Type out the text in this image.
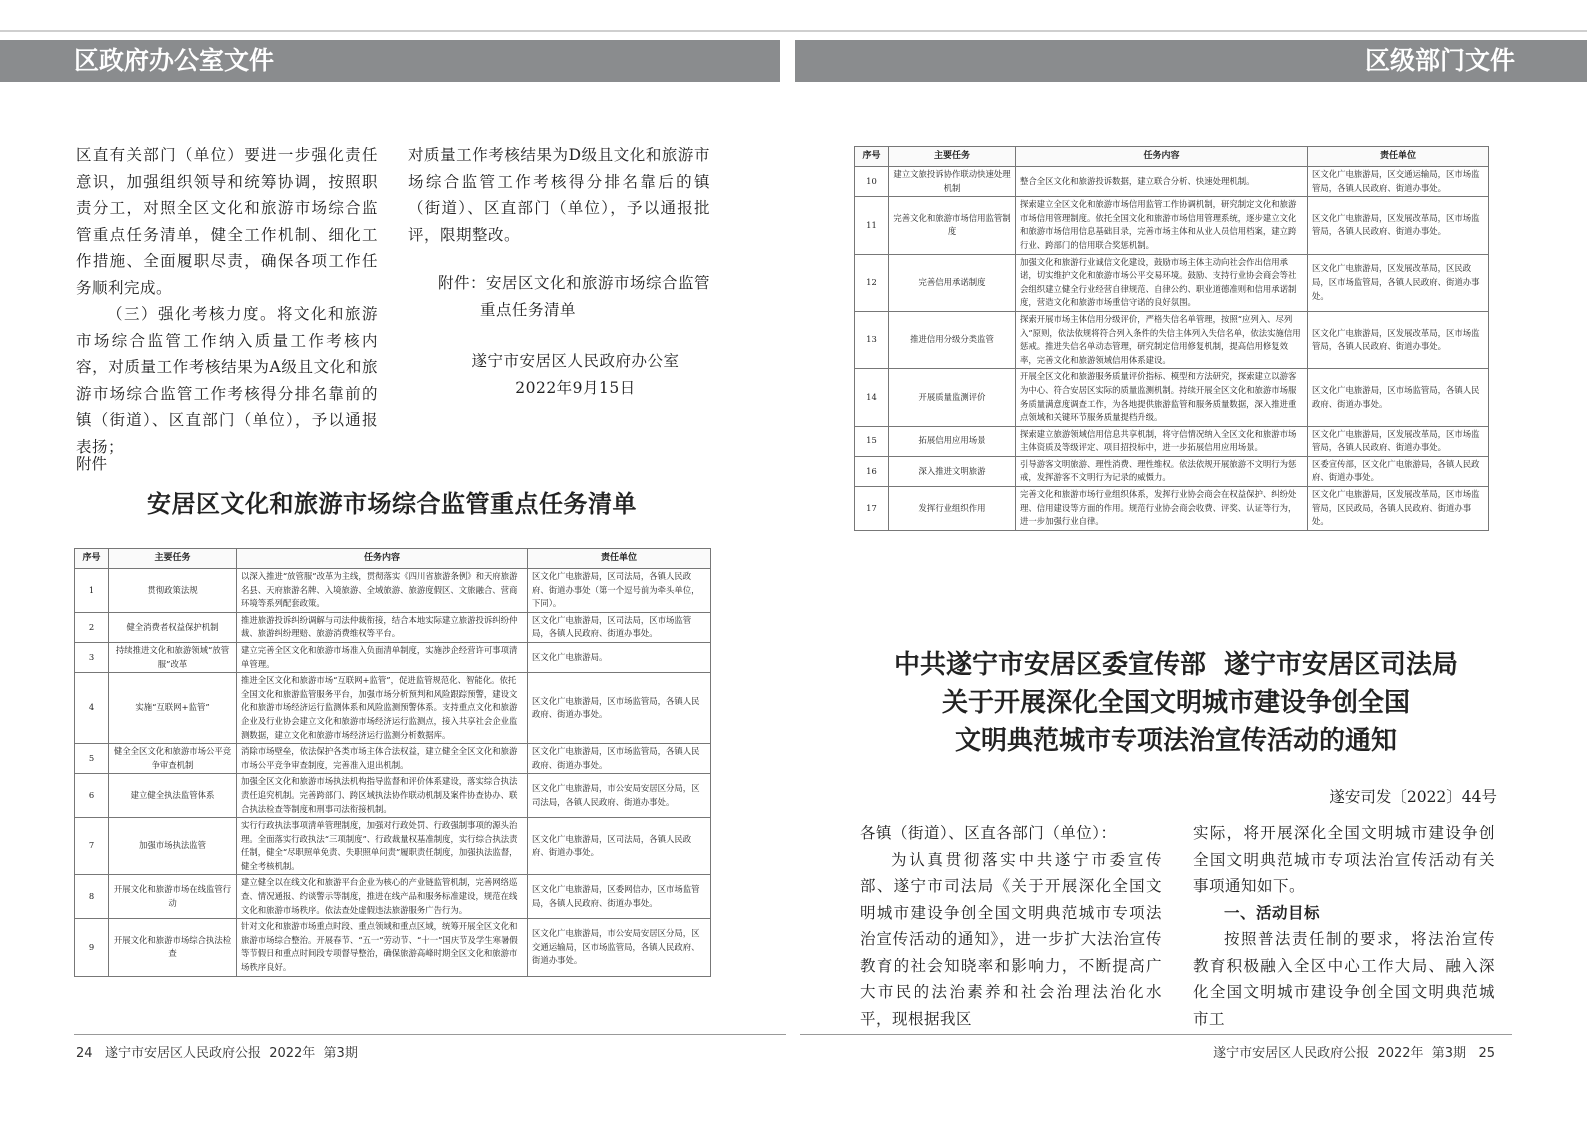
区政府办公室文件	区级部门文件

区直有关部门（单位）要进一步强化责任意识，加强组织领导和统筹协调，按照职责分工，对照全区文化和旅游市场综合监管重点任务清单，健全工作机制、细化工作措施、全面履职尽责，确保各项工作任务顺利完成。

（三）强化考核力度。将文化和旅游市场综合监管工作纳入质量工作考核内容，对质量工作考核结果为A级且文化和旅游市场综合监管工作考核得分排名靠前的镇（街道）、区直部门（单位），予以通报表扬；

对质量工作考核结果为D级且文化和旅游市场综合监管工作考核得分排名靠后的镇（街道）、区直部门（单位），予以通报批评，限期整改。

附件：安居区文化和旅游市场综合监管

重点任务清单

遂宁市安居区人民政府办公室

2022年9月15日

附件
安居区文化和旅游市场综合监管重点任务清单
序号	主要任务	任务内容	责任单位
1	贯彻政策法规	以深入推进“放管服”改革为主线，贯彻落实《四川省旅游条例》和天府旅游名县、天府旅游名牌、入境旅游、全域旅游、旅游度假区、文旅融合、营商环境等系列配套政策。	区文化广电旅游局，区司法局，各镇人民政府、街道办事处（第一个逗号前为牵头单位，下同）。
2	健全消费者权益保护机制	推进旅游投诉纠纷调解与司法仲裁衔接，结合本地实际建立旅游投诉纠纷仲裁、旅游纠纷理赔、旅游消费维权等平台。	区文化广电旅游局，区司法局，区市场监管局，各镇人民政府、街道办事处。
3	持续推进文化和旅游领域“放管服”改革	建立完善全区文化和旅游市场准入负面清单制度，实施涉企经营许可事项清单管理。	区文化广电旅游局。
4	实施“互联网+监管”	推进全区文化和旅游市场“互联网+监管”，促进监管规范化、智能化。依托全国文化和旅游监管服务平台，加强市场分析预判和风险跟踪预警，建设文化和旅游市场经济运行监测体系和风险监测预警体系。支持重点文化和旅游企业及行业协会建立文化和旅游市场经济运行监测点，接入共享社会企业监测数据，建立文化和旅游市场经济运行监测分析数据库。	区文化广电旅游局，区市场监管局，各镇人民政府、街道办事处。
5	健全全区文化和旅游市场公平竞争审查机制	消除市场壁垒，依法保护各类市场主体合法权益，建立健全全区文化和旅游市场公平竞争审查制度，完善准入退出机制。	区文化广电旅游局，区市场监管局，各镇人民政府、街道办事处。
6	建立健全执法监管体系	加强全区文化和旅游市场执法机构指导监督和评价体系建设，落实综合执法责任追究机制。完善跨部门、跨区域执法协作联动机制及案件协查协办、联合执法检查等制度和刑事司法衔接机制。	区文化广电旅游局，市公安局安居区分局，区司法局，各镇人民政府、街道办事处。
7	加强市场执法监管	实行行政执法事项清单管理制度，加强对行政处罚、行政强制事项的源头治理。全面落实行政执法“三项制度”、行政裁量权基准制度，实行综合执法责任制，健全“尽职照单免责、失职照单问责”履职责任制度，加强执法监督，健全考核机制。	区文化广电旅游局，区司法局，各镇人民政府、街道办事处。
8	开展文化和旅游市场在线监管行动	建立健全以在线文化和旅游平台企业为核心的产业链监管机制，完善网络巡查、情况通报、约谈警示等制度，推进在线产品和服务标准建设，规范在线文化和旅游市场秩序。依法查处虚假违法旅游服务广告行为。	区文化广电旅游局，区委网信办，区市场监管局，各镇人民政府、街道办事处。
9	开展文化和旅游市场综合执法检查	针对文化和旅游市场重点时段、重点领域和重点区域，统筹开展全区文化和旅游市场综合整治。开展春节、“五一”劳动节、“十一”国庆节及学生寒暑假等节假日和重点时间段专项督导整治，确保旅游高峰时期全区文化和旅游市场秩序良好。	区文化广电旅游局，市公安局安居区分局，区交通运输局，区市场监管局，各镇人民政府、街道办事处。
序号	主要任务	任务内容	责任单位
10	建立文旅投诉协作联动快速处理机制	整合全区文化和旅游投诉数据，建立联合分析、快速处理机制。	区文化广电旅游局，区交通运输局，区市场监管局，各镇人民政府、街道办事处。
11	完善文化和旅游市场信用监管制度	探索建立全区文化和旅游市场信用监管工作协调机制，研究制定文化和旅游市场信用管理制度。依托全国文化和旅游市场信用管理系统，逐步建立文化和旅游市场信用信息基础目录，完善市场主体和从业人员信用档案，建立跨行业、跨部门的信用联合奖惩机制。	区文化广电旅游局，区发展改革局，区市场监管局，各镇人民政府、街道办事处。
12	完善信用承诺制度	加强文化和旅游行业诚信文化建设，鼓励市场主体主动向社会作出信用承诺，切实维护文化和旅游市场公平交易环境。鼓励、支持行业协会商会等社会组织建立健全行业经营自律规范、自律公约、职业道德准则和信用承诺制度，营造文化和旅游市场重信守诺的良好氛围。	区文化广电旅游局，区发展改革局，区民政局，区市场监管局，各镇人民政府、街道办事处。
13	推进信用分级分类监管	探索开展市场主体信用分级评价，严格失信名单管理，按照“应列入、尽列入”原则，依法依规将符合列入条件的失信主体列入失信名单，依法实施信用惩戒。推进失信名单动态管理，研究制定信用修复机制，提高信用修复效率，完善文化和旅游领域信用体系建设。	区文化广电旅游局，区发展改革局，区市场监管局，各镇人民政府、街道办事处。
14	开展质量监测评价	开展全区文化和旅游服务质量评价指标、模型和方法研究，探索建立以游客为中心、符合安居区实际的质量监测机制。持续开展全区文化和旅游市场服务质量满意度调查工作，为各地提供旅游监管和服务质量数据，深入推进重点领域和关键环节服务质量提档升级。	区文化广电旅游局，区市场监管局，各镇人民政府、街道办事处。
15	拓展信用应用场景	探索建立旅游领域信用信息共享机制，将守信情况纳入全区文化和旅游市场主体资质及等级评定、项目招投标中，进一步拓展信用应用场景。	区文化广电旅游局，区发展改革局，区市场监管局，各镇人民政府、街道办事处。
16	深入推进文明旅游	引导游客文明旅游、理性消费、理性维权。依法依规开展旅游不文明行为惩戒，发挥游客不文明行为记录的威慑力。	区委宣传部，区文化广电旅游局，各镇人民政府、街道办事处。
17	发挥行业组织作用	完善文化和旅游市场行业组织体系，发挥行业协会商会在权益保护、纠纷处理、信用建设等方面的作用。规范行业协会商会收费、评奖、认证等行为，进一步加强行业自律。	区文化广电旅游局，区发展改革局，区市场监管局，区民政局，各镇人民政府、街道办事处。
中共遂宁市安居区委宣传部  遂宁市安居区司法局
关于开展深化全国文明城市建设争创全国
文明典范城市专项法治宣传活动的通知
遂安司发〔2022〕44号

各镇（街道）、区直各部门（单位）：

为认真贯彻落实中共遂宁市委宣传部、遂宁市司法局《关于开展深化全国文明城市建设争创全国文明典范城市专项法治宣传活动的通知》，进一步扩大法治宣传教育的社会知晓率和影响力，不断提高广大市民的法治素养和社会治理法治化水平，现根据我区

实际，将开展深化全国文明城市建设争创全国文明典范城市专项法治宣传活动有关事项通知如下。

一、活动目标

按照普法责任制的要求，将法治宣传教育积极融入全区中心工作大局、融入深化全国文明城市建设争创全国文明典范城市工

24   遂宁市安居区人民政府公报  2022年  第3期	遂宁市安居区人民政府公报  2022年  第3期   25
